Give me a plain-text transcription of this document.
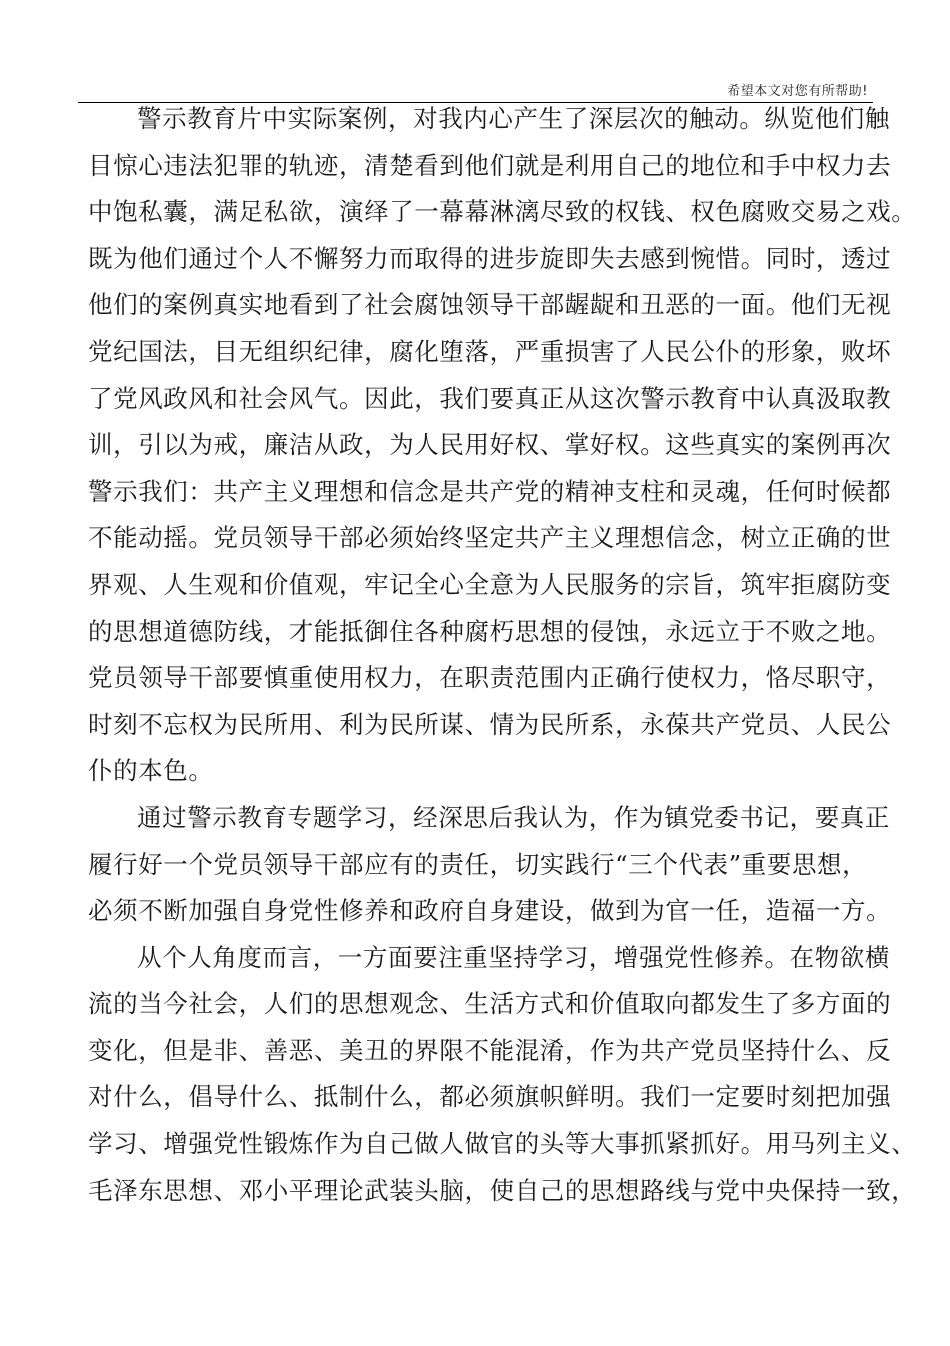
希望本文对您有所帮助!
警示教育片中实际案例，对我内心产生了深层次的触动。纵览他们触
目惊心违法犯罪的轨迹，清楚看到他们就是利用自己的地位和手中权力去
中饱私囊，满足私欲，演绎了一幕幕淋漓尽致的权钱、权色腐败交易之戏。
既为他们通过个人不懈努力而取得的进步旋即失去感到惋惜。同时，透过
他们的案例真实地看到了社会腐蚀领导干部龌龊和丑恶的一面。他们无视
党纪国法，目无组织纪律，腐化堕落，严重损害了人民公仆的形象，败坏
了党风政风和社会风气。因此，我们要真正从这次警示教育中认真汲取教
训，引以为戒，廉洁从政，为人民用好权、掌好权。这些真实的案例再次
警示我们：共产主义理想和信念是共产党的精神支柱和灵魂，任何时候都
不能动摇。党员领导干部必须始终坚定共产主义理想信念，树立正确的世
界观、人生观和价值观，牢记全心全意为人民服务的宗旨，筑牢拒腐防变
的思想道德防线，才能抵御住各种腐朽思想的侵蚀，永远立于不败之地。
党员领导干部要慎重使用权力，在职责范围内正确行使权力，恪尽职守，
时刻不忘权为民所用、利为民所谋、情为民所系，永葆共产党员、人民公
仆的本色。
通过警示教育专题学习，经深思后我认为，作为镇党委书记，要真正
履行好一个党员领导干部应有的责任，切实践行“三个代表”重要思想，
必须不断加强自身党性修养和政府自身建设，做到为官一任，造福一方。
从个人角度而言，一方面要注重坚持学习，增强党性修养。在物欲横
流的当今社会，人们的思想观念、生活方式和价值取向都发生了多方面的
变化，但是非、善恶、美丑的界限不能混淆，作为共产党员坚持什么、反
对什么，倡导什么、抵制什么，都必须旗帜鲜明。我们一定要时刻把加强
学习、增强党性锻炼作为自己做人做官的头等大事抓紧抓好。用马列主义、
毛泽东思想、邓小平理论武装头脑，使自己的思想路线与党中央保持一致，
